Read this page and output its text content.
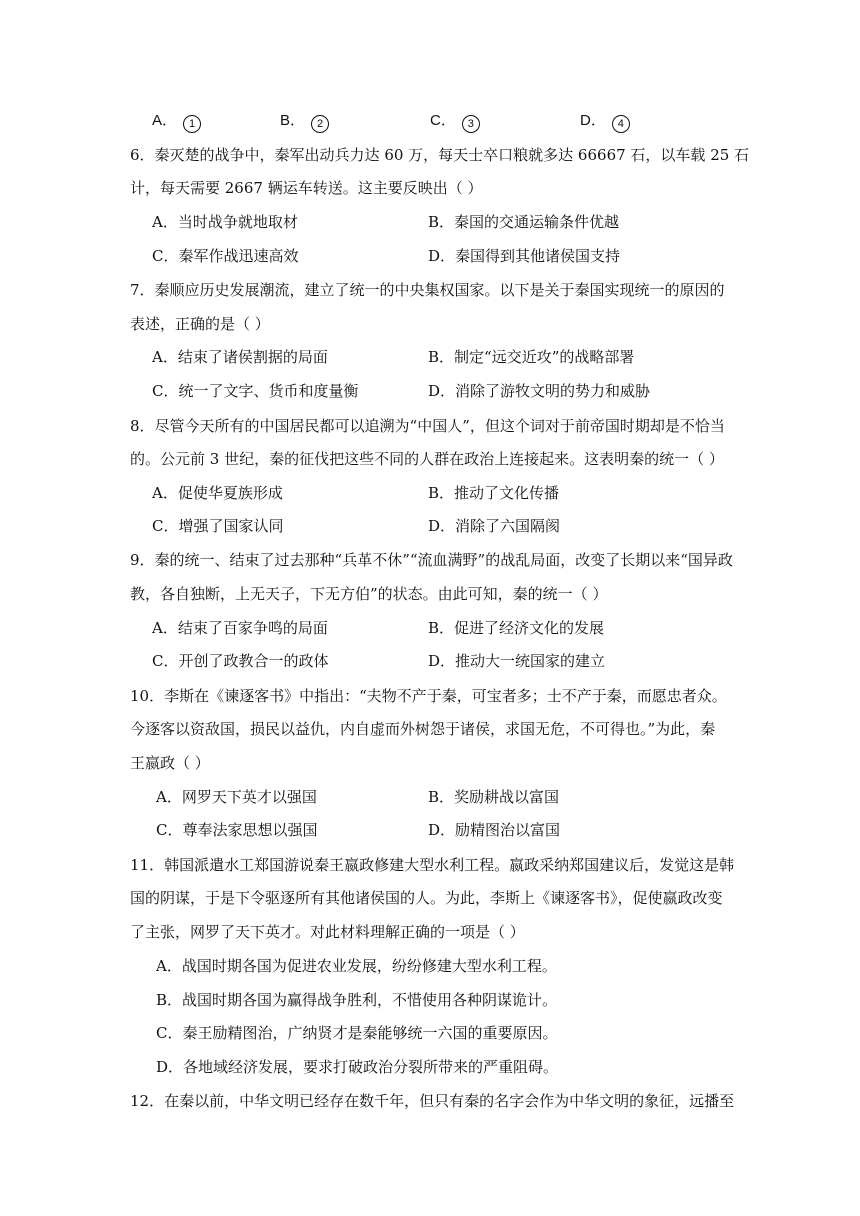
A． 1	B． 2	C． 3	D． 4
6．秦灭楚的战争中，秦军出动兵力达 60 万，每天士卒口粮就多达 66667 石，以车载 25 石
计，每天需要 2667 辆运车转送。这主要反映出（ ）
A．当时战争就地取材	B．秦国的交通运输条件优越
C．秦军作战迅速高效	D．秦国得到其他诸侯国支持
7．秦顺应历史发展潮流，建立了统一的中央集权国家。以下是关于秦国实现统一的原因的
表述，正确的是（ ）
A．结束了诸侯割据的局面	B．制定“远交近攻”的战略部署
C．统一了文字、货币和度量衡	D．消除了游牧文明的势力和威胁
8．尽管今天所有的中国居民都可以追溯为“中国人”，但这个词对于前帝国时期却是不恰当
的。公元前 3 世纪，秦的征伐把这些不同的人群在政治上连接起来。这表明秦的统一（ ）
A．促使华夏族形成	B．推动了文化传播
C．增强了国家认同	D．消除了六国隔阂
9．秦的统一、结束了过去那种“兵革不休”“流血满野”的战乱局面，改变了长期以来“国异政
教，各自独断，上无天子，下无方伯”的状态。由此可知，秦的统一（ ）
A．结束了百家争鸣的局面	B．促进了经济文化的发展
C．开创了政教合一的政体	D．推动大一统国家的建立
10．李斯在《谏逐客书》中指出：“夫物不产于秦，可宝者多；士不产于秦，而愿忠者众。
今逐客以资敌国，损民以益仇，内自虚而外树怨于诸侯，求国无危，不可得也。”为此，秦
王嬴政（ ）
A．网罗天下英才以强国	B．奖励耕战以富国
C．尊奉法家思想以强国	D．励精图治以富国
11．韩国派遣水工郑国游说秦王嬴政修建大型水利工程。嬴政采纳郑国建议后，发觉这是韩
国的阴谋，于是下令驱逐所有其他诸侯国的人。为此，李斯上《谏逐客书》，促使嬴政改变
了主张，网罗了天下英才。对此材料理解正确的一项是（ ）
A．战国时期各国为促进农业发展，纷纷修建大型水利工程。
B．战国时期各国为赢得战争胜利，不惜使用各种阴谋诡计。
C．秦王励精图治，广纳贤才是秦能够统一六国的重要原因。
D．各地域经济发展，要求打破政治分裂所带来的严重阻碍。
12．在秦以前，中华文明已经存在数千年，但只有秦的名字会作为中华文明的象征，远播至
